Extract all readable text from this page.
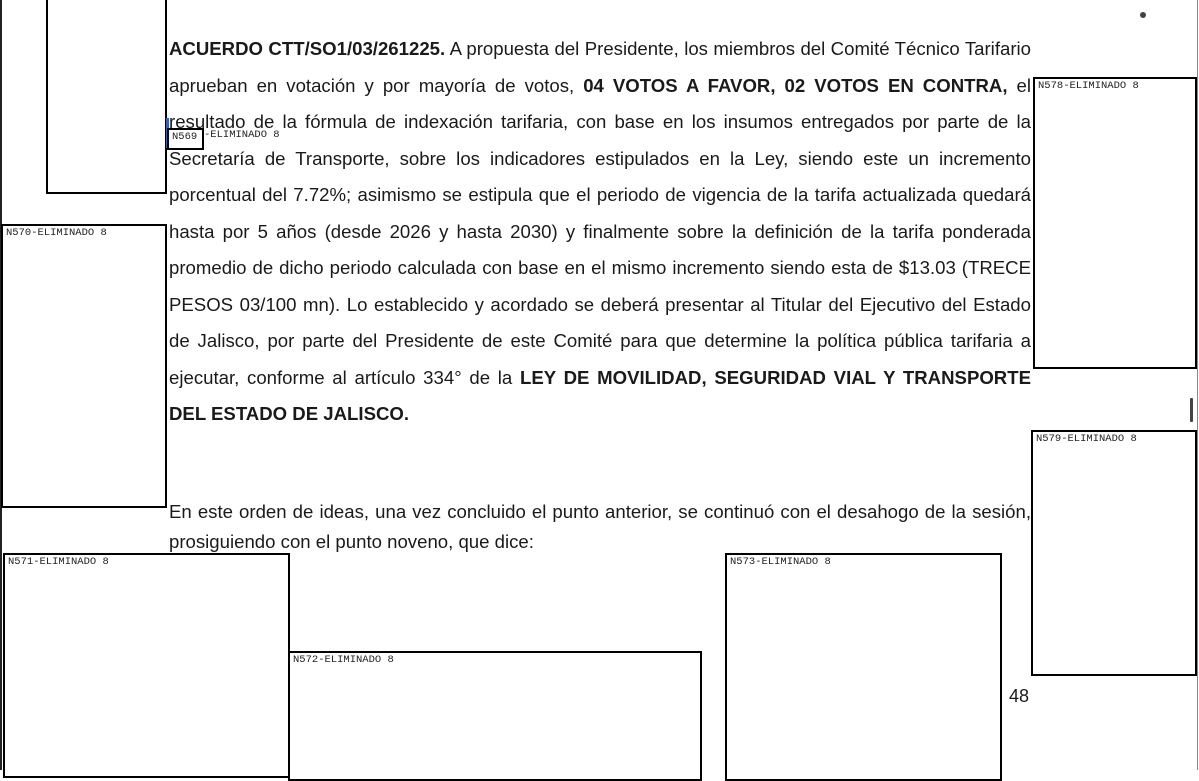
ACUERDO CTT/SO1/03/261225. A propuesta del Presidente, los miembros del Comité Técnico Tarifario aprueban en votación y por mayoría de votos, 04 VOTOS A FAVOR, 02 VOTOS EN CONTRA, el resultado de la fórmula de indexación tarifaria, con base en los insumos entregados por parte de la Secretaría de Transporte, sobre los indicadores estipulados en la Ley, siendo este un incremento porcentual del 7.72%; asimismo se estipula que el periodo de vigencia de la tarifa actualizada quedará hasta por 5 años (desde 2026 y hasta 2030) y finalmente sobre la definición de la tarifa ponderada promedio de dicho periodo calculada con base en el mismo incremento siendo esta de $13.03 (TRECE PESOS 03/100 mn). Lo establecido y acordado se deberá presentar al Titular del Ejecutivo del Estado de Jalisco, por parte del Presidente de este Comité para que determine la política pública tarifaria a ejecutar, conforme al artículo 334° de la LEY DE MOVILIDAD, SEGURIDAD VIAL Y TRANSPORTE DEL ESTADO DE JALISCO.

En este orden de ideas, una vez concluido el punto anterior, se continuó con el desahogo de la sesión, prosiguiendo con el punto noveno, que dice:

N569 -ELIMINADO 8
N570-ELIMINADO 8
N578-ELIMINADO 8
N579-ELIMINADO 8
N571-ELIMINADO 8
N572-ELIMINADO 8
N573-ELIMINADO 8
48
